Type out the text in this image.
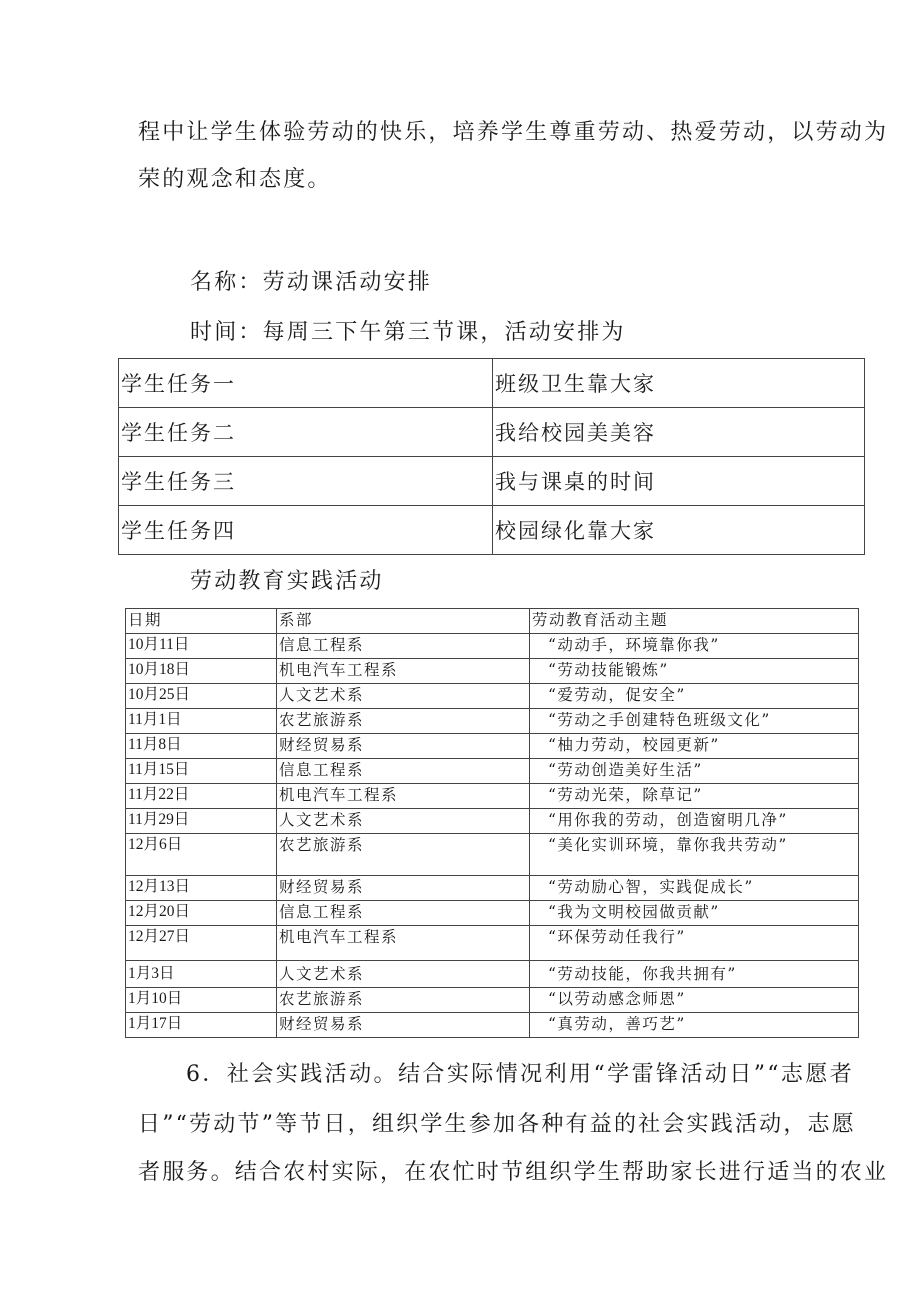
程中让学生体验劳动的快乐，培养学生尊重劳动、热爱劳动，以劳动为
荣的观念和态度。
名称：劳动课活动安排
时间：每周三下午第三节课，活动安排为
学生任务一	班级卫生靠大家
学生任务二	我给校园美美容
学生任务三	我与课桌的时间
学生任务四	校园绿化靠大家
劳动教育实践活动
日期	系部	劳动教育活动主题
10月11日	信息工程系	“动动手，环境靠你我”
10月18日	机电汽车工程系	“劳动技能锻炼”
10月25日	人文艺术系	“爱劳动，促安全”
11月1日	农艺旅游系	“劳动之手创建特色班级文化”
11月8日	财经贸易系	“柚力劳动，校园更新”
11月15日	信息工程系	“劳动创造美好生活”
11月22日	机电汽车工程系	“劳动光荣，除草记”
11月29日	人文艺术系	“用你我的劳动，创造窗明几净”
12月6日	农艺旅游系	“美化实训环境，靠你我共劳动”
12月13日	财经贸易系	“劳动励心智，实践促成长”
12月20日	信息工程系	“我为文明校园做贡献”
12月27日	机电汽车工程系	“环保劳动任我行”
1月3日	人文艺术系	“劳动技能，你我共拥有”
1月10日	农艺旅游系	“以劳动感念师恩”
1月17日	财经贸易系	“真劳动，善巧艺”
6．社会实践活动。结合实际情况利用“学雷锋活动日”“志愿者
日”“劳动节”等节日，组织学生参加各种有益的社会实践活动，志愿
者服务。结合农村实际，在农忙时节组织学生帮助家长进行适当的农业
